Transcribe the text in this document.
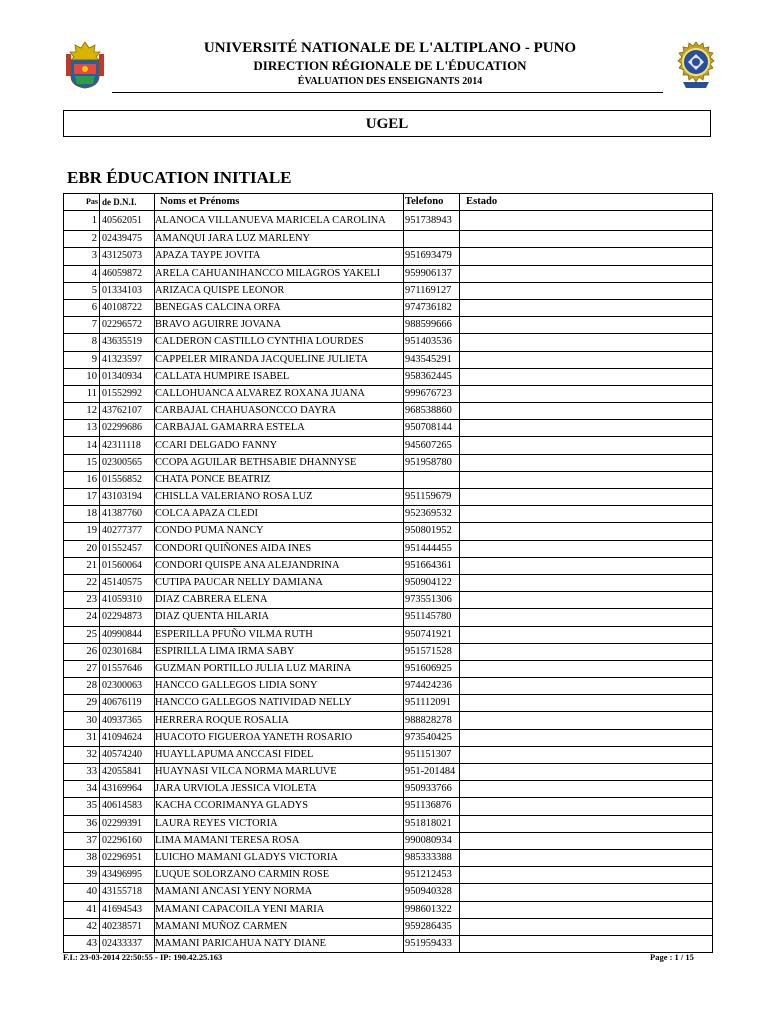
UNIVERSITÉ NATIONALE DE L'ALTIPLANO - PUNO
DIRECTION RÉGIONALE DE L'ÉDUCATION
ÉVALUATION DES ENSEIGNANTS 2014
UGEL
EBR ÉDUCATION INITIALE
Pas	de D.N.I.	Noms et Prénoms	Telefono	Estado
1	40562051	ALANOCA VILLANUEVA MARICELA CAROLINA	951738943	
2	02439475	AMANQUI JARA LUZ MARLENY		
3	43125073	APAZA TAYPE JOVITA	951693479	
4	46059872	ARELA CAHUANIHANCCO MILAGROS YAKELI	959906137	
5	01334103	ARIZACA QUISPE LEONOR	971169127	
6	40108722	BENEGAS CALCINA ORFA	974736182	
7	02296572	BRAVO AGUIRRE JOVANA	988599666	
8	43635519	CALDERON CASTILLO CYNTHIA LOURDES	951403536	
9	41323597	CAPPELER MIRANDA JACQUELINE JULIETA	943545291	
10	01340934	CALLATA HUMPIRE ISABEL	958362445	
11	01552992	CALLOHUANCA ALVAREZ ROXANA JUANA	999676723	
12	43762107	CARBAJAL CHAHUASONCCO DAYRA	968538860	
13	02299686	CARBAJAL GAMARRA ESTELA	950708144	
14	42311118	CCARI DELGADO FANNY	945607265	
15	02300565	CCOPA AGUILAR BETHSABIE DHANNYSE	951958780	
16	01556852	CHATA PONCE BEATRIZ		
17	43103194	CHISLLA VALERIANO ROSA LUZ	951159679	
18	41387760	COLCA APAZA CLEDI	952369532	
19	40277377	CONDO PUMA NANCY	950801952	
20	01552457	CONDORI QUIÑONES AIDA INES	951444455	
21	01560064	CONDORI QUISPE ANA ALEJANDRINA	951664361	
22	45140575	CUTIPA PAUCAR NELLY DAMIANA	950904122	
23	41059310	DIAZ CABRERA ELENA	973551306	
24	02294873	DIAZ QUENTA HILARIA	951145780	
25	40990844	ESPERILLA PFUÑO VILMA RUTH	950741921	
26	02301684	ESPIRILLA LIMA IRMA SABY	951571528	
27	01557646	GUZMAN PORTILLO JULIA LUZ MARINA	951606925	
28	02300063	HANCCO GALLEGOS LIDIA SONY	974424236	
29	40676119	HANCCO GALLEGOS NATIVIDAD NELLY	951112091	
30	40937365	HERRERA ROQUE ROSALIA	988828278	
31	41094624	HUACOTO FIGUEROA YANETH ROSARIO	973540425	
32	40574240	HUAYLLAPUMA ANCCASI FIDEL	951151307	
33	42055841	HUAYNASI VILCA NORMA MARLUVE	951-201484	
34	43169964	JARA URVIOLA JESSICA VIOLETA	950933766	
35	40614583	KACHA CCORIMANYA GLADYS	951136876	
36	02299391	LAURA REYES VICTORIA	951818021	
37	02296160	LIMA MAMANI TERESA ROSA	990080934	
38	02296951	LUICHO MAMANI GLADYS VICTORIA	985333388	
39	43496995	LUQUE SOLORZANO CARMIN ROSE	951212453	
40	43155718	MAMANI ANCASI YENY NORMA	950940328	
41	41694543	MAMANI CAPACOILA YENI MARIA	998601322	
42	40238571	MAMANI MUÑOZ CARMEN	959286435	
43	02433337	MAMANI PARICAHUA NATY DIANE	951959433	
F.I.: 23-03-2014 22:50:55 - IP: 190.42.25.163	Page : 1 / 15
